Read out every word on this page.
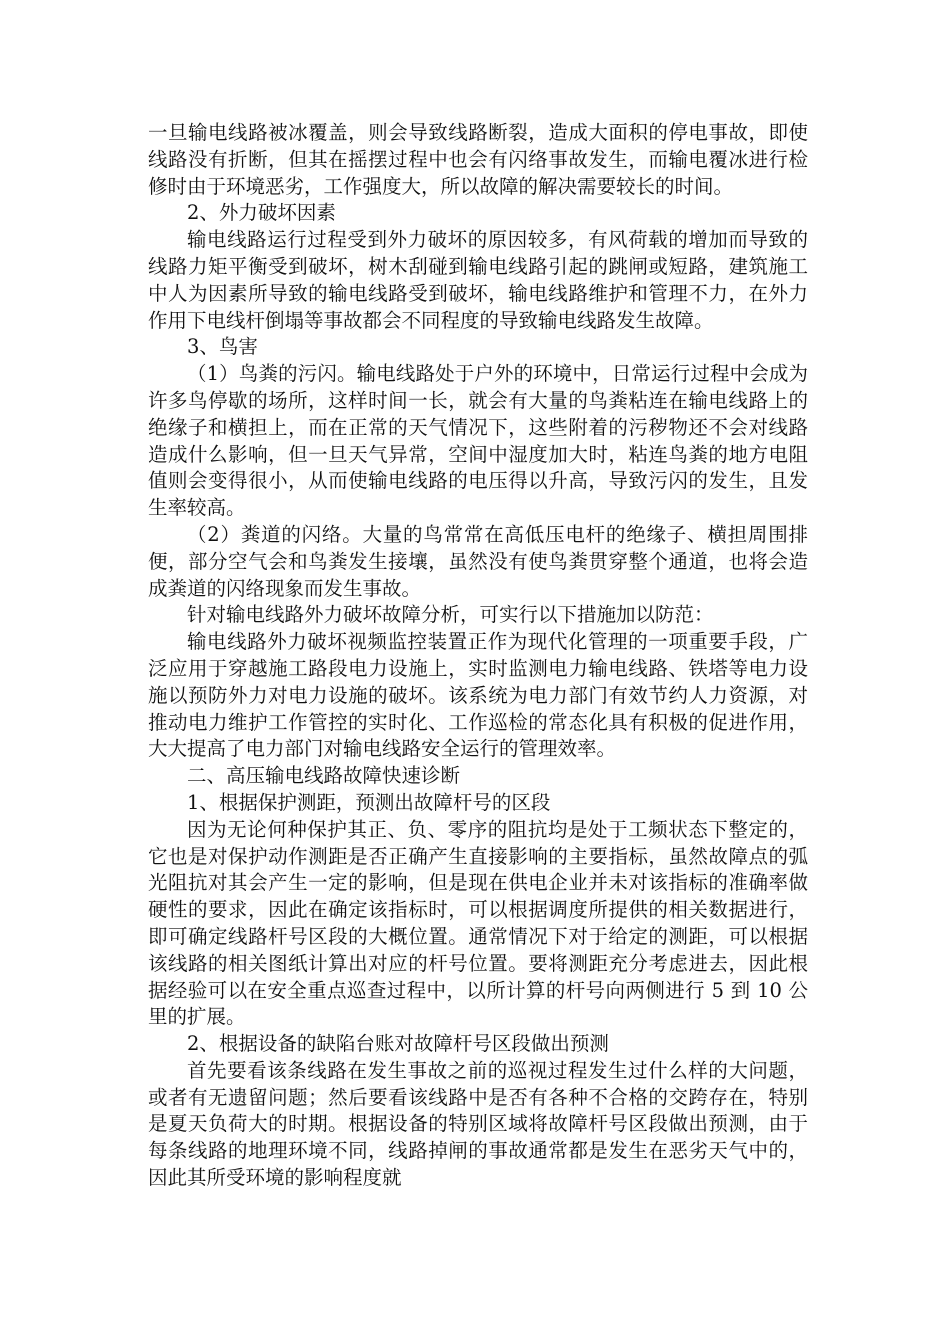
一旦输电线路被冰覆盖，则会导致线路断裂，造成大面积的停电事故，即使线路没有折断，但其在摇摆过程中也会有闪络事故发生，而输电覆冰进行检修时由于环境恶劣，工作强度大，所以故障的解决需要较长的时间。

2、外力破坏因素

输电线路运行过程受到外力破坏的原因较多，有风荷载的增加而导致的线路力矩平衡受到破坏，树木刮碰到输电线路引起的跳闸或短路，建筑施工中人为因素所导致的输电线路受到破坏，输电线路维护和管理不力，在外力作用下电线杆倒塌等事故都会不同程度的导致输电线路发生故障。

3、鸟害

（1）鸟粪的污闪。输电线路处于户外的环境中，日常运行过程中会成为许多鸟停歇的场所，这样时间一长，就会有大量的鸟粪粘连在输电线路上的绝缘子和横担上，而在正常的天气情况下，这些附着的污秽物还不会对线路造成什么影响，但一旦天气异常，空间中湿度加大时，粘连鸟粪的地方电阻值则会变得很小，从而使输电线路的电压得以升高，导致污闪的发生，且发生率较高。

（2）粪道的闪络。大量的鸟常常在高低压电杆的绝缘子、横担周围排便，部分空气会和鸟粪发生接壤，虽然没有使鸟粪贯穿整个通道，也将会造成粪道的闪络现象而发生事故。

针对输电线路外力破坏故障分析，可实行以下措施加以防范：

输电线路外力破坏视频监控装置正作为现代化管理的一项重要手段，广泛应用于穿越施工路段电力设施上，实时监测电力输电线路、铁塔等电力设施以预防外力对电力设施的破坏。该系统为电力部门有效节约人力资源，对推动电力维护工作管控的实时化、工作巡检的常态化具有积极的促进作用，大大提高了电力部门对输电线路安全运行的管理效率。

二、高压输电线路故障快速诊断

1、根据保护测距，预测出故障杆号的区段

因为无论何种保护其正、负、零序的阻抗均是处于工频状态下整定的，它也是对保护动作测距是否正确产生直接影响的主要指标，虽然故障点的弧光阻抗对其会产生一定的影响，但是现在供电企业并未对该指标的准确率做硬性的要求，因此在确定该指标时，可以根据调度所提供的相关数据进行，即可确定线路杆号区段的大概位置。通常情况下对于给定的测距，可以根据该线路的相关图纸计算出对应的杆号位置。要将测距充分考虑进去，因此根据经验可以在安全重点巡查过程中，以所计算的杆号向两侧进行 5 到 10 公里的扩展。

2、根据设备的缺陷台账对故障杆号区段做出预测

首先要看该条线路在发生事故之前的巡视过程发生过什么样的大问题，或者有无遗留问题；然后要看该线路中是否有各种不合格的交跨存在，特别是夏天负荷大的时期。根据设备的特别区域将故障杆号区段做出预测，由于每条线路的地理环境不同，线路掉闸的事故通常都是发生在恶劣天气中的，因此其所受环境的影响程度就
